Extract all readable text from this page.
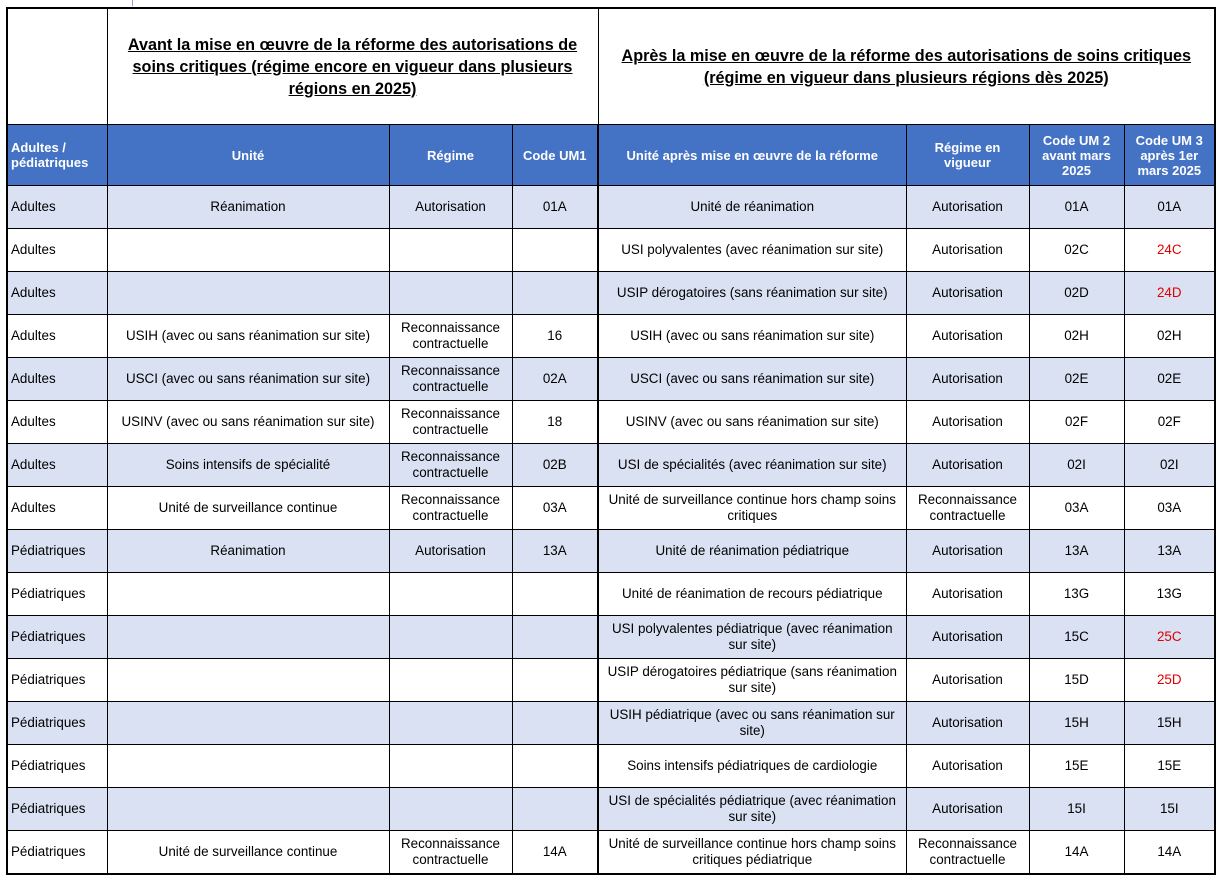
	Avant la mise en œuvre de la réforme des autorisations de soins critiques (régime encore en vigueur dans plusieurs régions en 2025)			Après la mise en œuvre de la réforme des autorisations de soins critiques (régime en vigueur dans plusieurs régions dès 2025)			
Adultes / pédiatriques	Unité	Régime	Code UM1	Unité après mise en œuvre de la réforme	Régime en vigueur	Code UM 2 avant mars 2025	Code UM 3 après 1er mars 2025
Adultes	Réanimation	Autorisation	01A	Unité de réanimation	Autorisation	01A	01A
Adultes				USI polyvalentes (avec réanimation sur site)	Autorisation	02C	24C
Adultes				USIP dérogatoires (sans réanimation sur site)	Autorisation	02D	24D
Adultes	USIH (avec ou sans réanimation sur site)	Reconnaissance contractuelle	16	USIH (avec ou sans réanimation sur site)	Autorisation	02H	02H
Adultes	USCI (avec ou sans réanimation sur site)	Reconnaissance contractuelle	02A	USCI (avec ou sans réanimation sur site)	Autorisation	02E	02E
Adultes	USINV (avec ou sans réanimation sur site)	Reconnaissance contractuelle	18	USINV (avec ou sans réanimation sur site)	Autorisation	02F	02F
Adultes	Soins intensifs de spécialité	Reconnaissance contractuelle	02B	USI de spécialités (avec réanimation sur site)	Autorisation	02I	02I
Adultes	Unité de surveillance continue	Reconnaissance contractuelle	03A	Unité de surveillance continue hors champ soins critiques	Reconnaissance contractuelle	03A	03A
Pédiatriques	Réanimation	Autorisation	13A	Unité de réanimation pédiatrique	Autorisation	13A	13A
Pédiatriques				Unité de réanimation de recours pédiatrique	Autorisation	13G	13G
Pédiatriques				USI polyvalentes pédiatrique (avec réanimation sur site)	Autorisation	15C	25C
Pédiatriques				USIP dérogatoires pédiatrique (sans réanimation sur site)	Autorisation	15D	25D
Pédiatriques				USIH pédiatrique (avec ou sans réanimation sur site)	Autorisation	15H	15H
Pédiatriques				Soins intensifs pédiatriques de cardiologie	Autorisation	15E	15E
Pédiatriques				USI de spécialités pédiatrique (avec réanimation sur site)	Autorisation	15I	15I
Pédiatriques	Unité de surveillance continue	Reconnaissance contractuelle	14A	Unité de surveillance continue hors champ soins critiques pédiatrique	Reconnaissance contractuelle	14A	14A
